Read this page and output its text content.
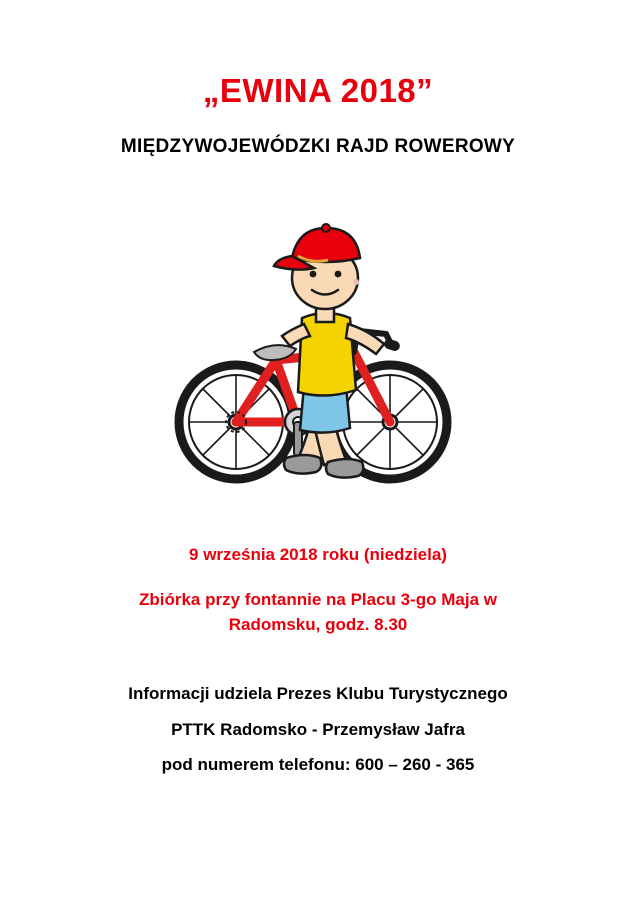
„EWINA 2018”
MIĘDZYWOJEWÓDZKI RAJD ROWEROWY
9 września 2018 roku (niedziela)
Zbiórka przy fontannie na Placu 3-go Maja w
Radomsku, godz. 8.30
Informacji udziela Prezes Klubu Turystycznego
PTTK Radomsko - Przemysław Jafra
pod numerem telefonu: 600 – 260 - 365
